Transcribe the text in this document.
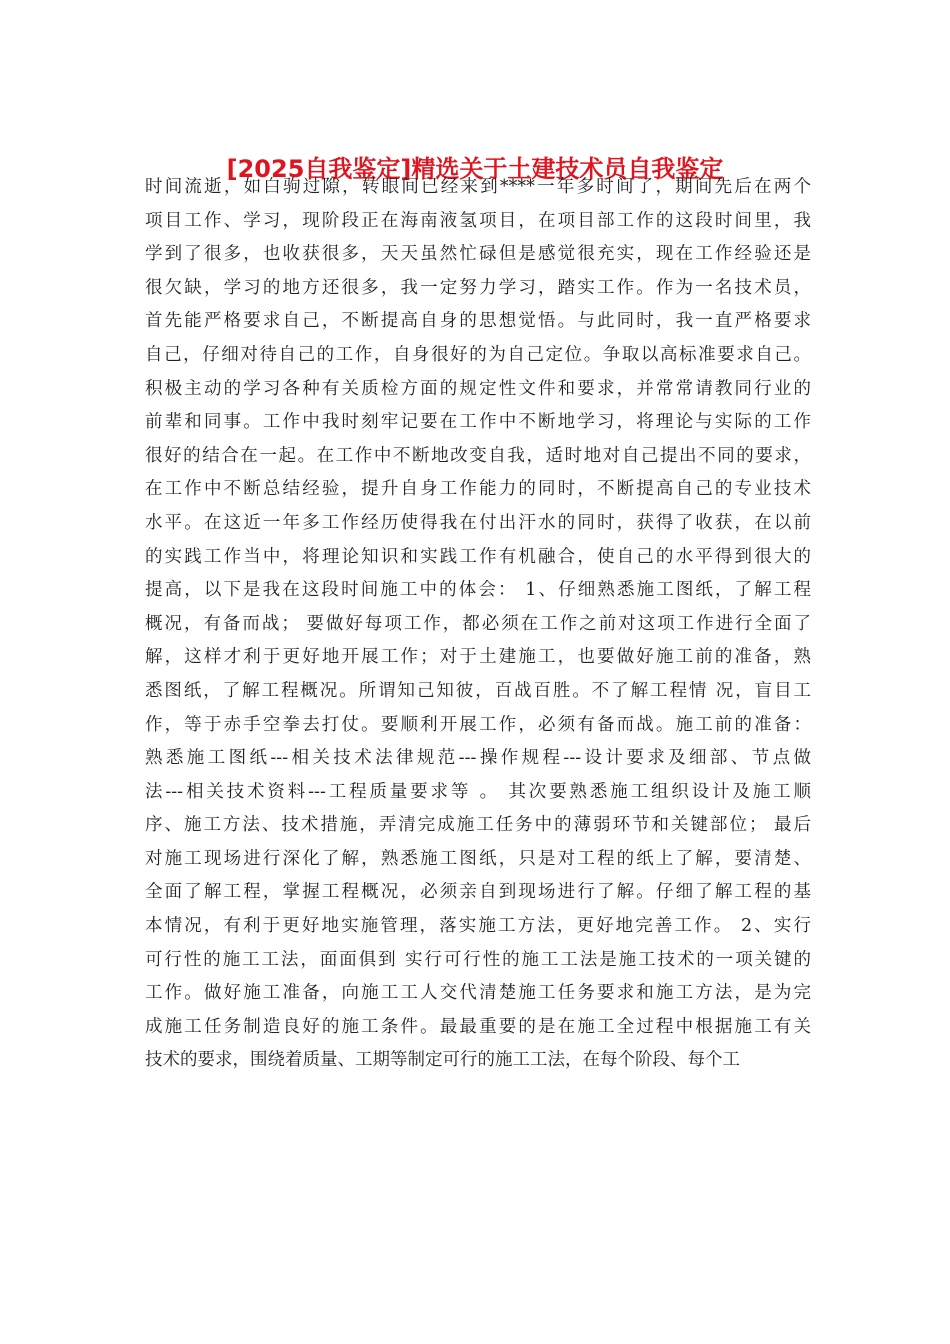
[2025自我鉴定]精选关于土建技术员自我鉴定
时间流逝，如白驹过隙，转眼间已经来到****一年多时间了，期间先后在两个
项目工作、学习，现阶段正在海南液氢项目，在项目部工作的这段时间里，我
学到了很多，也收获很多，天天虽然忙碌但是感觉很充实，现在工作经验还是
很欠缺，学习的地方还很多，我一定努力学习，踏实工作。作为一名技术员，
首先能严格要求自己，不断提高自身的思想觉悟。与此同时，我一直严格要求
自己，仔细对待自己的工作，自身很好的为自己定位。争取以高标准要求自己。
积极主动的学习各种有关质检方面的规定性文件和要求，并常常请教同行业的
前辈和同事。工作中我时刻牢记要在工作中不断地学习，将理论与实际的工作
很好的结合在一起。在工作中不断地改变自我，适时地对自己提出不同的要求，
在工作中不断总结经验，提升自身工作能力的同时，不断提高自己的专业技术
水平。在这近一年多工作经历使得我在付出汗水的同时，获得了收获，在以前
的实践工作当中，将理论知识和实践工作有机融合，使自己的水平得到很大的
提高，以下是我在这段时间施工中的体会： 1、仔细熟悉施工图纸，了解工程
概况，有备而战； 要做好每项工作，都必须在工作之前对这项工作进行全面了
解，这样才利于更好地开展工作；对于土建施工，也要做好施工前的准备，熟
悉图纸，了解工程概况。所谓知己知彼，百战百胜。不了解工程情 况，盲目工
作，等于赤手空拳去打仗。要顺利开展工作，必须有备而战。施工前的准备：
熟悉施工图纸---相关技术法律规范---操作规程---设计要求及细部、节点做
法---相关技术资料---工程质量要求等 。 其次要熟悉施工组织设计及施工顺
序、施工方法、技术措施，弄清完成施工任务中的薄弱环节和关键部位； 最后
对施工现场进行深化了解，熟悉施工图纸，只是对工程的纸上了解，要清楚、
全面了解工程，掌握工程概况，必须亲自到现场进行了解。仔细了解工程的基
本情况，有利于更好地实施管理，落实施工方法，更好地完善工作。 2、实行
可行性的施工工法，面面俱到 实行可行性的施工工法是施工技术的一项关键的
工作。做好施工准备，向施工工人交代清楚施工任务要求和施工方法，是为完
成施工任务制造良好的施工条件。最最重要的是在施工全过程中根据施工有关
技术的要求，围绕着质量、工期等制定可行的施工工法，在每个阶段、每个工
